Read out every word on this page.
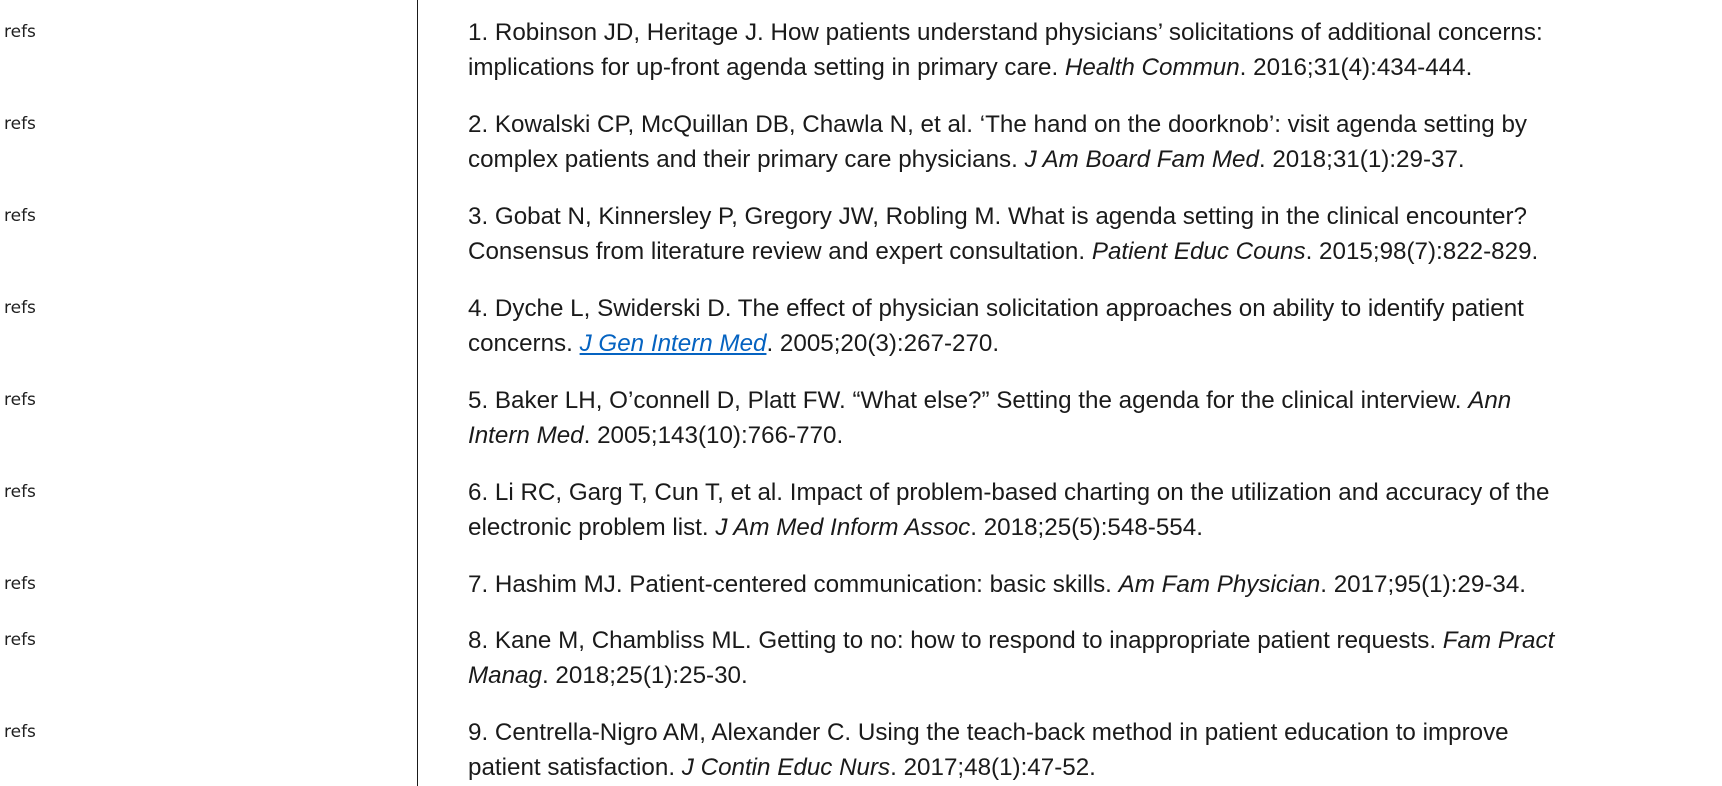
refs
refs
refs
refs
refs
refs
refs
refs
refs

1. Robinson JD, Heritage J. How patients understand physicians’ solicitations of additional concerns:
implications for up-front agenda setting in primary care. Health Commun. 2016;31(4):434-444.

2. Kowalski CP, McQuillan DB, Chawla N, et al. ‘The hand on the doorknob’: visit agenda setting by
complex patients and their primary care physicians. J Am Board Fam Med. 2018;31(1):29-37.

3. Gobat N, Kinnersley P, Gregory JW, Robling M. What is agenda setting in the clinical encounter?
Consensus from literature review and expert consultation. Patient Educ Couns. 2015;98(7):822-829.

4. Dyche L, Swiderski D. The effect of physician solicitation approaches on ability to identify patient
concerns. J Gen Intern Med. 2005;20(3):267-270.

5. Baker LH, O’connell D, Platt FW. “What else?” Setting the agenda for the clinical interview. Ann
Intern Med. 2005;143(10):766-770.

6. Li RC, Garg T, Cun T, et al. Impact of problem-based charting on the utilization and accuracy of the
electronic problem list. J Am Med Inform Assoc. 2018;25(5):548-554.

7. Hashim MJ. Patient-centered communication: basic skills. Am Fam Physician. 2017;95(1):29-34.

8. Kane M, Chambliss ML. Getting to no: how to respond to inappropriate patient requests. Fam Pract
Manag. 2018;25(1):25-30.

9. Centrella-Nigro AM, Alexander C. Using the teach-back method in patient education to improve
patient satisfaction. J Contin Educ Nurs. 2017;48(1):47-52.
